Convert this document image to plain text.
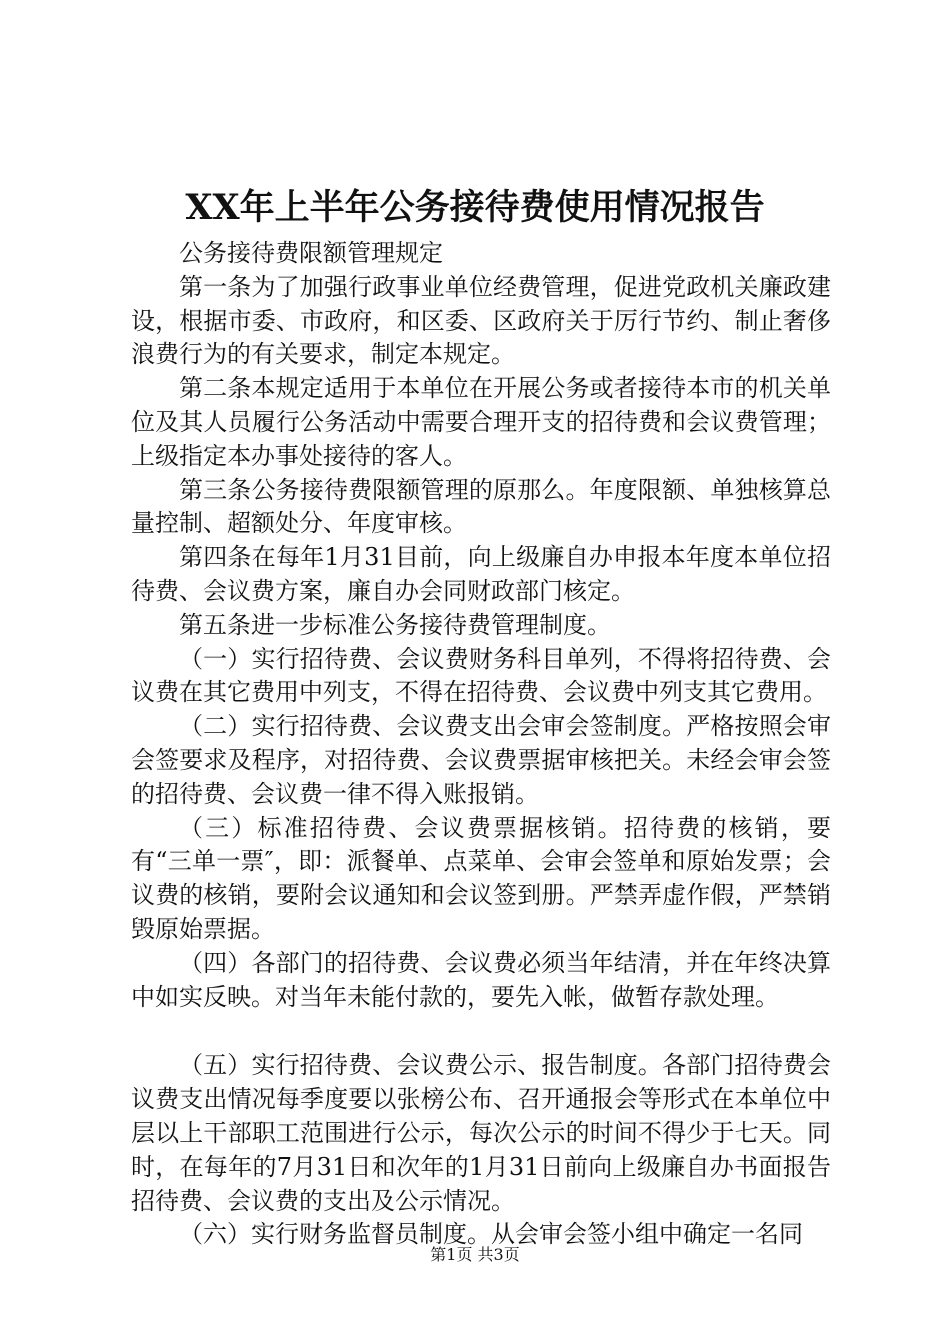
XX年上半年公务接待费使用情况报告

公务接待费限额管理规定

第一条为了加强行政事业单位经费管理，促进党政机关廉政建设，根据市委、市政府，和区委、区政府关于厉行节约、制止奢侈浪费行为的有关要求，制定本规定。

第二条本规定适用于本单位在开展公务或者接待本市的机关单位及其人员履行公务活动中需要合理开支的招待费和会议费管理；上级指定本办事处接待的客人。

第三条公务接待费限额管理的原那么。年度限额、单独核算总量控制、超额处分、年度审核。

第四条在每年1月31目前，向上级廉自办申报本年度本单位招待费、会议费方案，廉自办会同财政部门核定。

第五条进一步标准公务接待费管理制度。

（一）实行招待费、会议费财务科目单列，不得将招待费、会议费在其它费用中列支，不得在招待费、会议费中列支其它费用。

（二）实行招待费、会议费支出会审会签制度。严格按照会审会签要求及程序，对招待费、会议费票据审核把关。未经会审会签的招待费、会议费一律不得入账报销。

（三）标准招待费、会议费票据核销。招待费的核销，要有“三单一票″，即：派餐单、点菜单、会审会签单和原始发票；会议费的核销，要附会议通知和会议签到册。严禁弄虚作假，严禁销毁原始票据。

（四）各部门的招待费、会议费必须当年结清，并在年终决算中如实反映。对当年未能付款的，要先入帐，做暂存款处理。

（五）实行招待费、会议费公示、报告制度。各部门招待费会议费支出情况每季度要以张榜公布、召开通报会等形式在本单位中层以上干部职工范围进行公示，每次公示的时间不得少于七天。同时，在每年的7月31日和次年的1月31日前向上级廉自办书面报告招待费、会议费的支出及公示情况。

（六）实行财务监督员制度。从会审会签小组中确定一名同

第1页 共3页
